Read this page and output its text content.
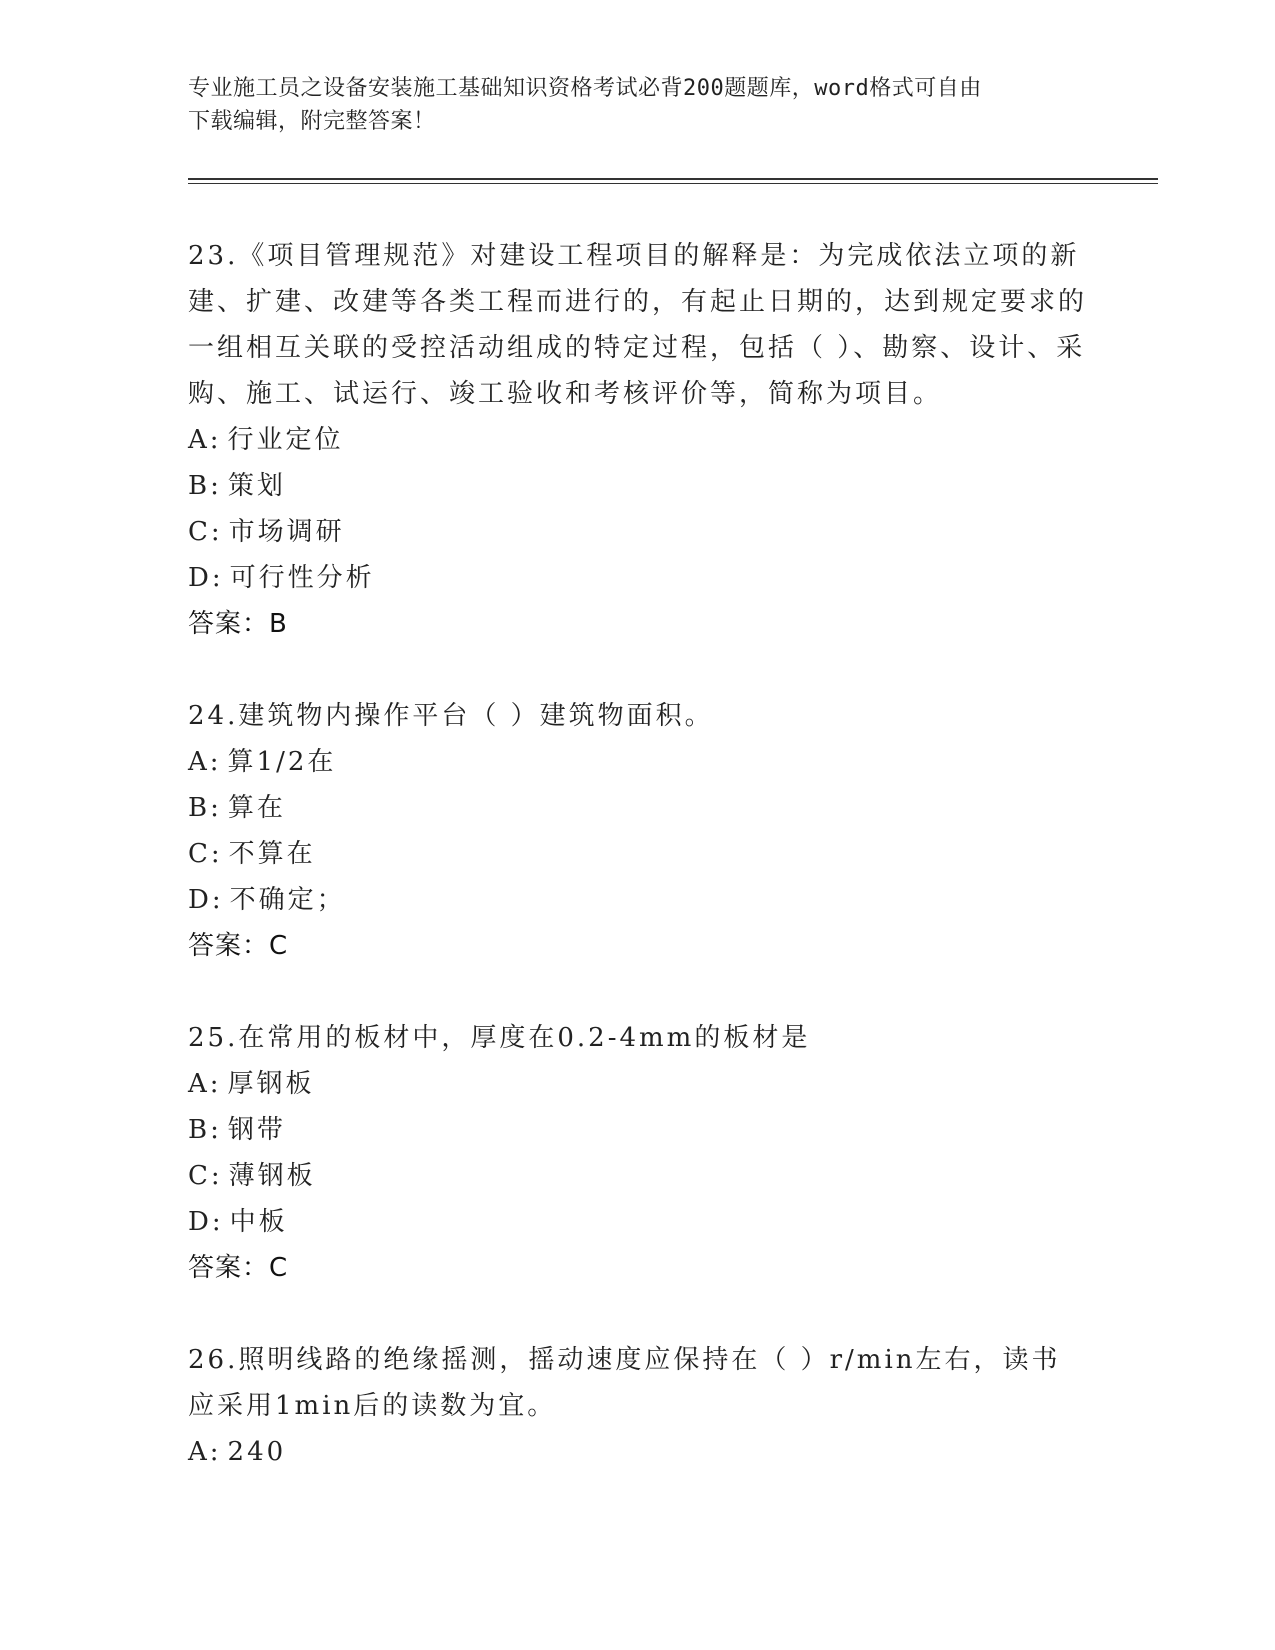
专业施工员之设备安装施工基础知识资格考试必背200题题库，word格式可自由
下载编辑，附完整答案！

23.《项目管理规范》对建设工程项目的解释是：为完成依法立项的新建、扩建、改建等各类工程而进行的，有起止日期的，达到规定要求的一组相互关联的受控活动组成的特定过程，包括（ ）、勘察、设计、采购、施工、试运行、竣工验收和考核评价等，简称为项目。

A: 行业定位

B: 策划

C: 市场调研

D: 可行性分析

答案：B

24.建筑物内操作平台（ ）建筑物面积。

A: 算1/2在

B: 算在

C: 不算在

D: 不确定；

答案：C

25.在常用的板材中，厚度在0.2-4mm的板材是

A: 厚钢板

B: 钢带

C: 薄钢板

D: 中板

答案：C

26.照明线路的绝缘摇测，摇动速度应保持在（ ）r/min左右，读书应采用1min后的读数为宜。

A: 240
